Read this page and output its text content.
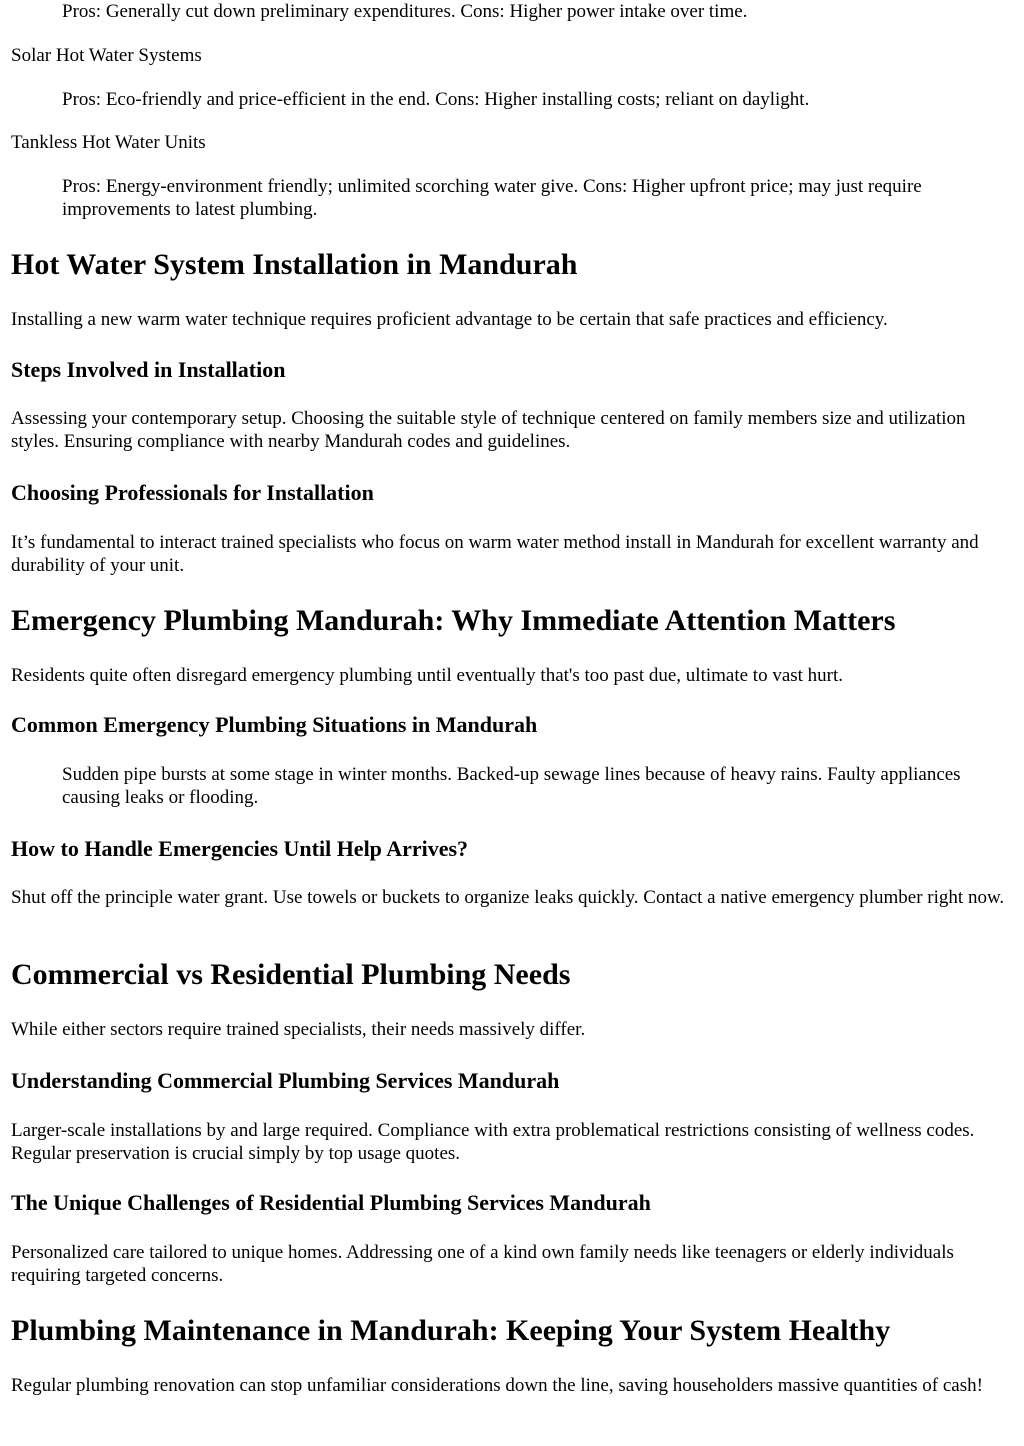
Pros: Generally cut down preliminary expenditures. Cons: Higher power intake over time.

Solar Hot Water Systems

Pros: Eco-friendly and price-efficient in the end. Cons: Higher installing costs; reliant on daylight.

Tankless Hot Water Units

Pros: Energy-environment friendly; unlimited scorching water give. Cons: Higher upfront price; may just require improvements to latest plumbing.

Hot Water System Installation in Mandurah

Installing a new warm water technique requires proficient advantage to be certain that safe practices and efficiency.

Steps Involved in Installation

Assessing your contemporary setup. Choosing the suitable style of technique centered on family members size and utilization styles. Ensuring compliance with nearby Mandurah codes and guidelines.

Choosing Professionals for Installation

It’s fundamental to interact trained specialists who focus on warm water method install in Mandurah for excellent warranty and durability of your unit.

Emergency Plumbing Mandurah: Why Immediate Attention Matters

Residents quite often disregard emergency plumbing until eventually that's too past due, ultimate to vast hurt.

Common Emergency Plumbing Situations in Mandurah

Sudden pipe bursts at some stage in winter months. Backed-up sewage lines because of heavy rains. Faulty appliances causing leaks or flooding.

How to Handle Emergencies Until Help Arrives?

Shut off the principle water grant. Use towels or buckets to organize leaks quickly. Contact a native emergency plumber right now.

Commercial vs Residential Plumbing Needs

While either sectors require trained specialists, their needs massively differ.

Understanding Commercial Plumbing Services Mandurah

Larger-scale installations by and large required. Compliance with extra problematical restrictions consisting of wellness codes. Regular preservation is crucial simply by top usage quotes.

The Unique Challenges of Residential Plumbing Services Mandurah

Personalized care tailored to unique homes. Addressing one of a kind own family needs like teenagers or elderly individuals requiring targeted concerns.

Plumbing Maintenance in Mandurah: Keeping Your System Healthy

Regular plumbing renovation can stop unfamiliar considerations down the line, saving householders massive quantities of cash!
